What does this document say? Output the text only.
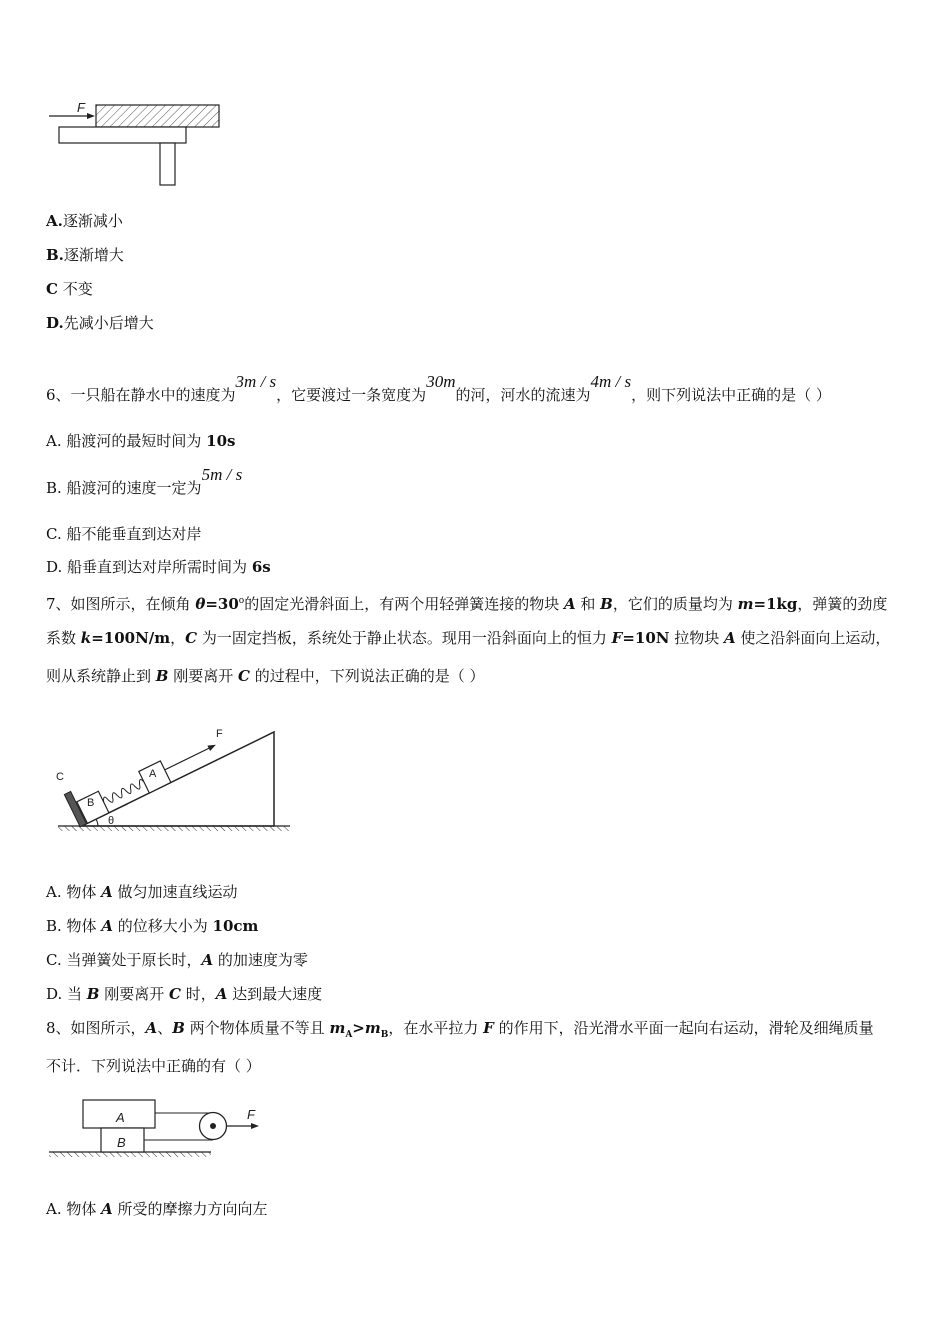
F
A.逐渐减小
B.逐渐增大
C 不变
D.先减小后增大
6、一只船在静水中的速度为3m / s，它要渡过一条宽度为30m的河，河水的流速为4m / s，则下列说法中正确的是（ ）
A. 船渡河的最短时间为 10s
B. 船渡河的速度一定为5m / s
C. 船不能垂直到达对岸
D. 船垂直到达对岸所需时间为 6s
7、如图所示，在倾角 $\theta=30^o$的固定光滑斜面上，有两个用轻弹簧连接的物块 A 和 B，它们的质量均为 m=1kg，弹簧的劲度
系数 k=100N/m，C 为一固定挡板，系统处于静止状态。现用一沿斜面向上的恒力 F=10N 拉物块 A 使之沿斜面向上运动，
则从系统静止到 B 刚要离开 C 的过程中，下列说法正确的是（ ）
θ
C
B
A
F
A. 物体 A 做匀加速直线运动
B. 物体 A 的位移大小为 10cm
C. 当弹簧处于原长时，A 的加速度为零
D. 当 B 刚要离开 C 时，A 达到最大速度
8、如图所示，A、B 两个物体质量不等且 $m_A>m_B$，在水平拉力 F 的作用下，沿光滑水平面一起向右运动，滑轮及细绳质量
不计．下列说法中正确的有（ ）
A
B
F
A. 物体 A 所受的摩擦力方向向左
